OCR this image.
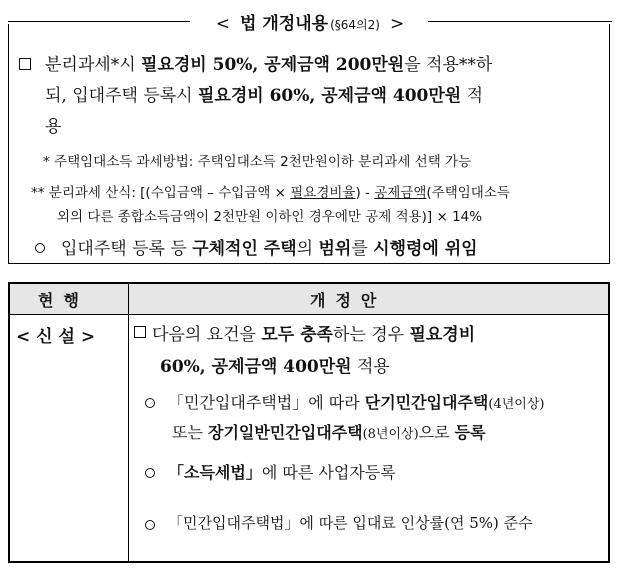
< 법 개정내용 (§64의2) >
분리과세*시 필요경비 50%, 공제금액 200만원을 적용**하
되, 입대주택 등록시 필요경비 60%, 공제금액 400만원 적
용
* 주택임대소득 과세방법: 주택임대소득 2천만원이하 분리과세 선택 가능
** 분리과세 산식: [(수입금액 – 수입금액 × 필요경비율) - 공제금액(주택임대소득
외의 다른 종합소득금액이 2천만원 이하인 경우에만 공제 적용)] × 14%
입대주택 등록 등 구체적인 주택의 범위를 시행령에 위임
현행	개정안
< 신 설 >	다음의 요건을 모두 충족하는 경우 필요경비
60%, 공제금액 400만원 적용
「민간입대주택법」에 따라 단기민간입대주택(4년이상)
또는 장기일반민간입대주택(8년이상)으로 등록
「소득세법」에 따른 사업자등록
「민간입대주택법」에 따른 입대료 인상률(연 5%) 준수
